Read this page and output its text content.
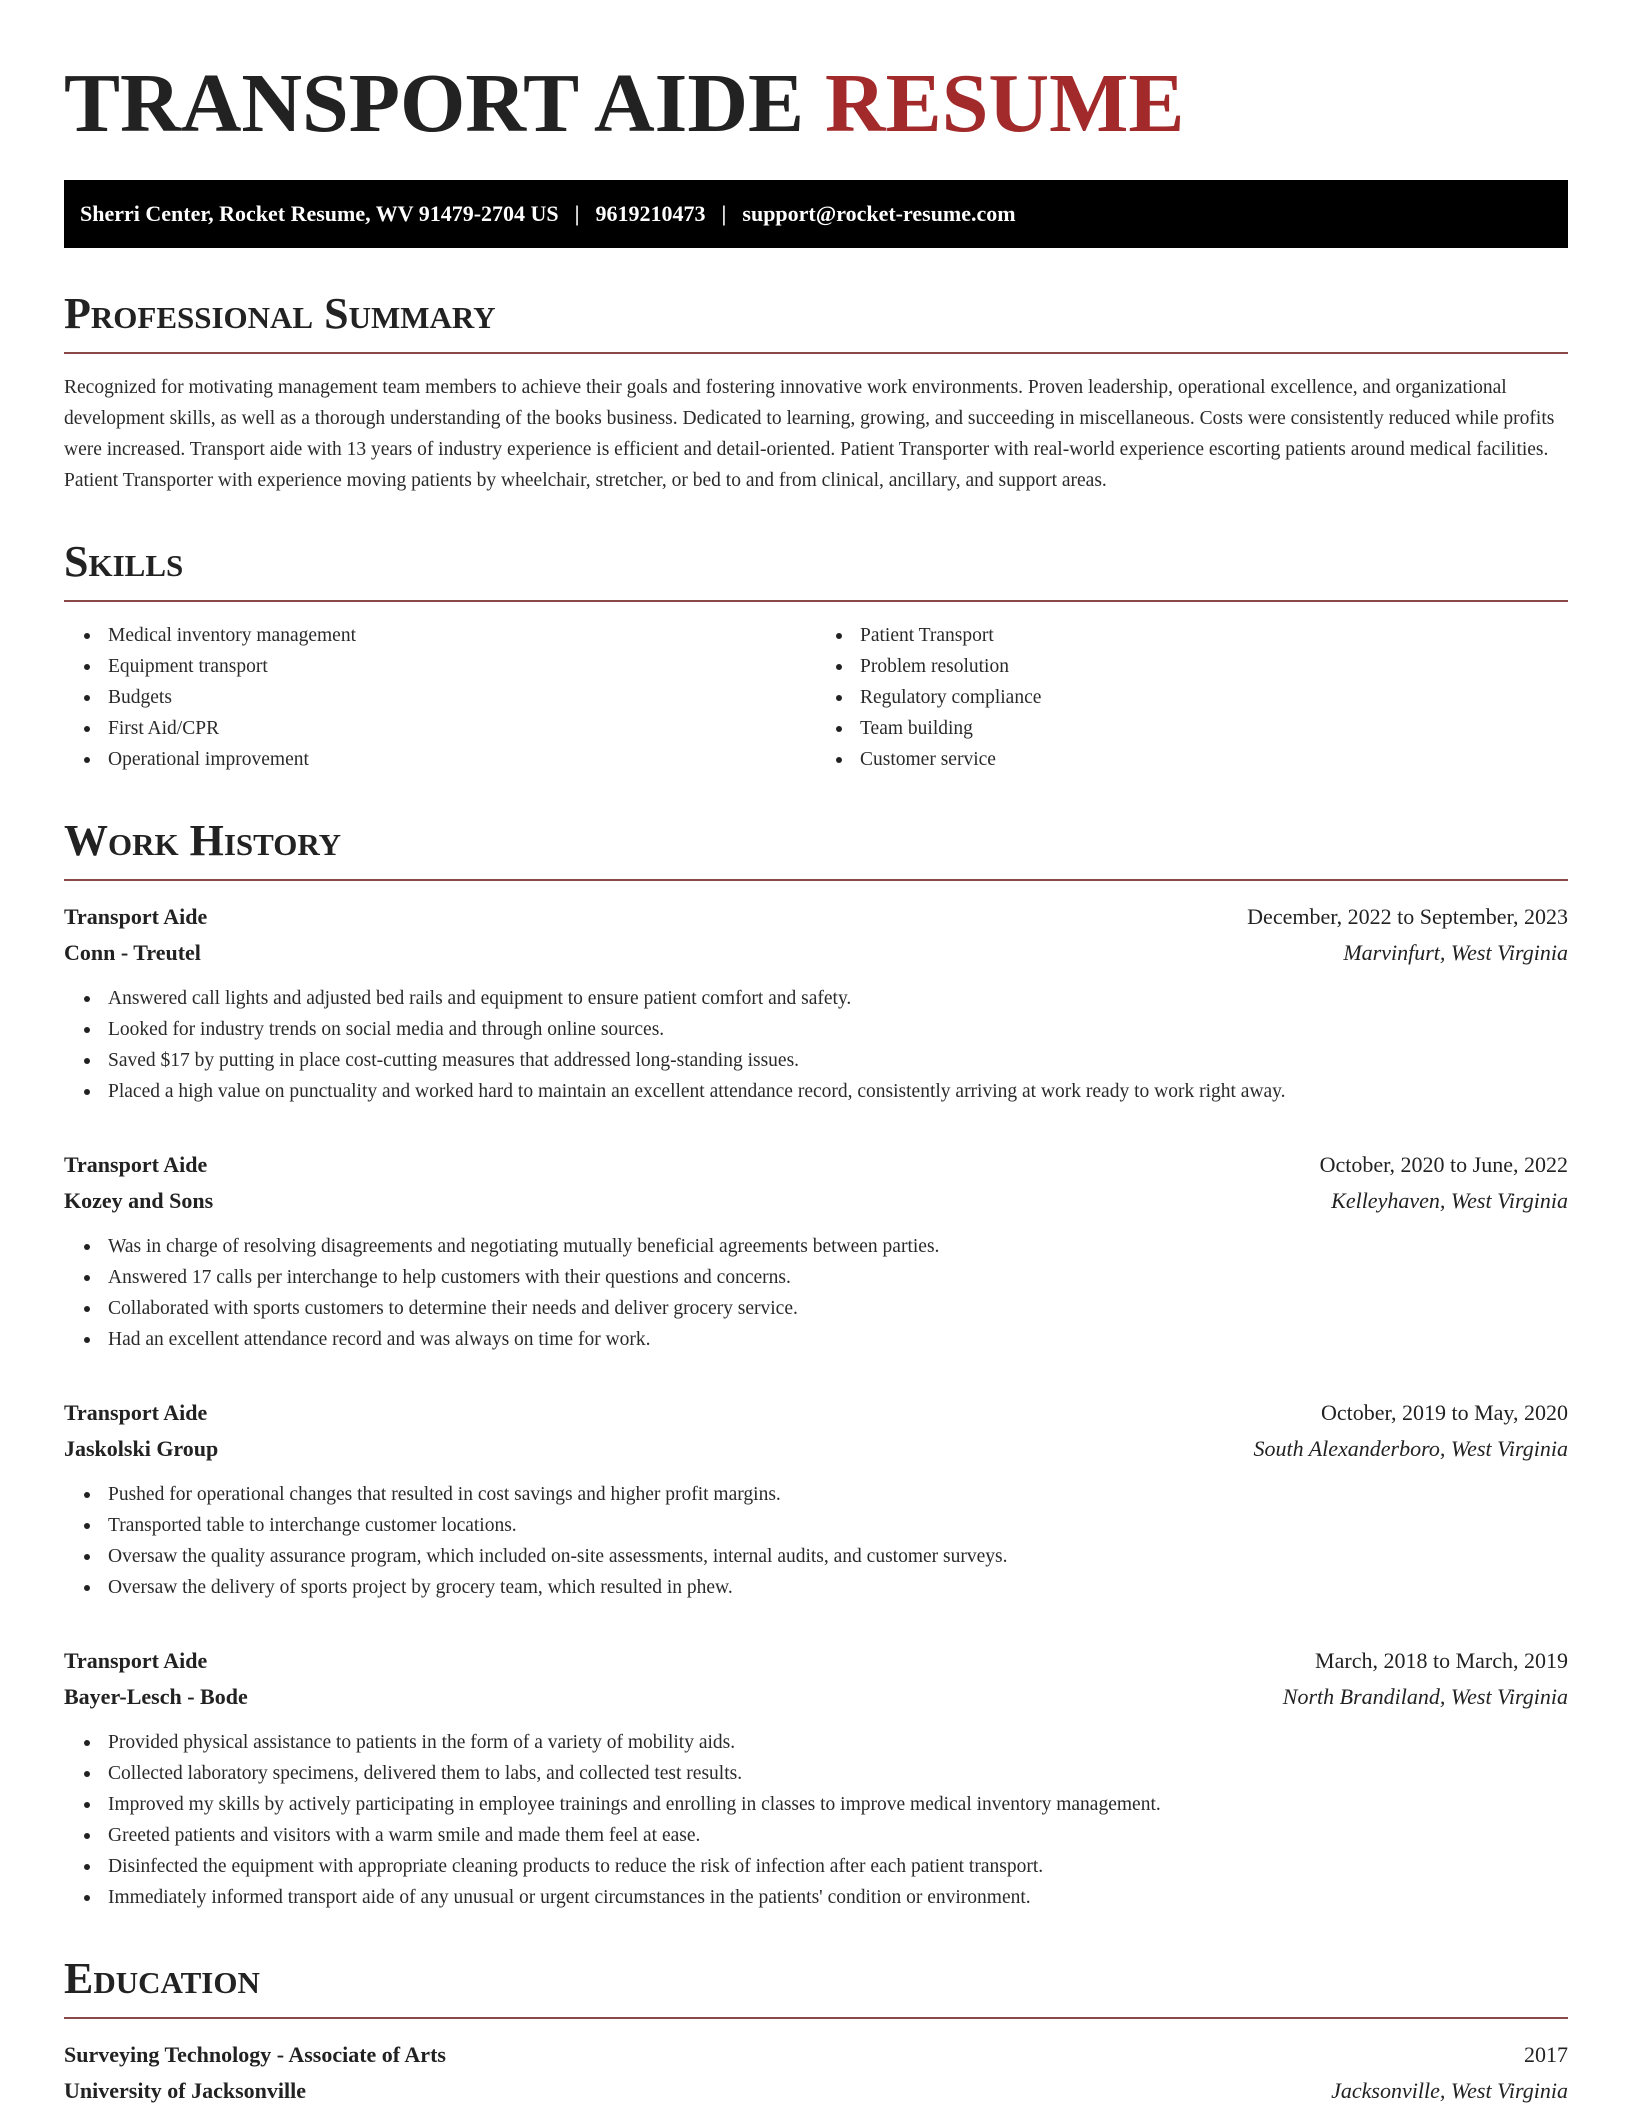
TRANSPORT AIDE RESUME
Sherri Center, Rocket Resume, WV 91479-2704 US | 9619210473 | support@rocket-resume.com
Professional Summary

Recognized for motivating management team members to achieve their goals and fostering innovative work environments. Proven leadership, operational excellence, and organizational development skills, as well as a thorough understanding of the books business. Dedicated to learning, growing, and succeeding in miscellaneous. Costs were consistently reduced while profits were increased. Transport aide with 13 years of industry experience is efficient and detail-oriented. Patient Transporter with real-world experience escorting patients around medical facilities. Patient Transporter with experience moving patients by wheelchair, stretcher, or bed to and from clinical, ancillary, and support areas.

Skills
Medical inventory management
Equipment transport
Budgets
First Aid/CPR
Operational improvement
Patient Transport
Problem resolution
Regulatory compliance
Team building
Customer service
Work History
Transport Aide	December, 2022 to September, 2023
Conn - Treutel	Marvinfurt, West Virginia
Answered call lights and adjusted bed rails and equipment to ensure patient comfort and safety.
Looked for industry trends on social media and through online sources.
Saved $17 by putting in place cost-cutting measures that addressed long-standing issues.
Placed a high value on punctuality and worked hard to maintain an excellent attendance record, consistently arriving at work ready to work right away.
Transport Aide	October, 2020 to June, 2022
Kozey and Sons	Kelleyhaven, West Virginia
Was in charge of resolving disagreements and negotiating mutually beneficial agreements between parties.
Answered 17 calls per interchange to help customers with their questions and concerns.
Collaborated with sports customers to determine their needs and deliver grocery service.
Had an excellent attendance record and was always on time for work.
Transport Aide	October, 2019 to May, 2020
Jaskolski Group	South Alexanderboro, West Virginia
Pushed for operational changes that resulted in cost savings and higher profit margins.
Transported table to interchange customer locations.
Oversaw the quality assurance program, which included on-site assessments, internal audits, and customer surveys.
Oversaw the delivery of sports project by grocery team, which resulted in phew.
Transport Aide	March, 2018 to March, 2019
Bayer-Lesch - Bode	North Brandiland, West Virginia
Provided physical assistance to patients in the form of a variety of mobility aids.
Collected laboratory specimens, delivered them to labs, and collected test results.
Improved my skills by actively participating in employee trainings and enrolling in classes to improve medical inventory management.
Greeted patients and visitors with a warm smile and made them feel at ease.
Disinfected the equipment with appropriate cleaning products to reduce the risk of infection after each patient transport.
Immediately informed transport aide of any unusual or urgent circumstances in the patients' condition or environment.
Education
Surveying Technology - Associate of Arts	2017
University of Jacksonville	Jacksonville, West Virginia
